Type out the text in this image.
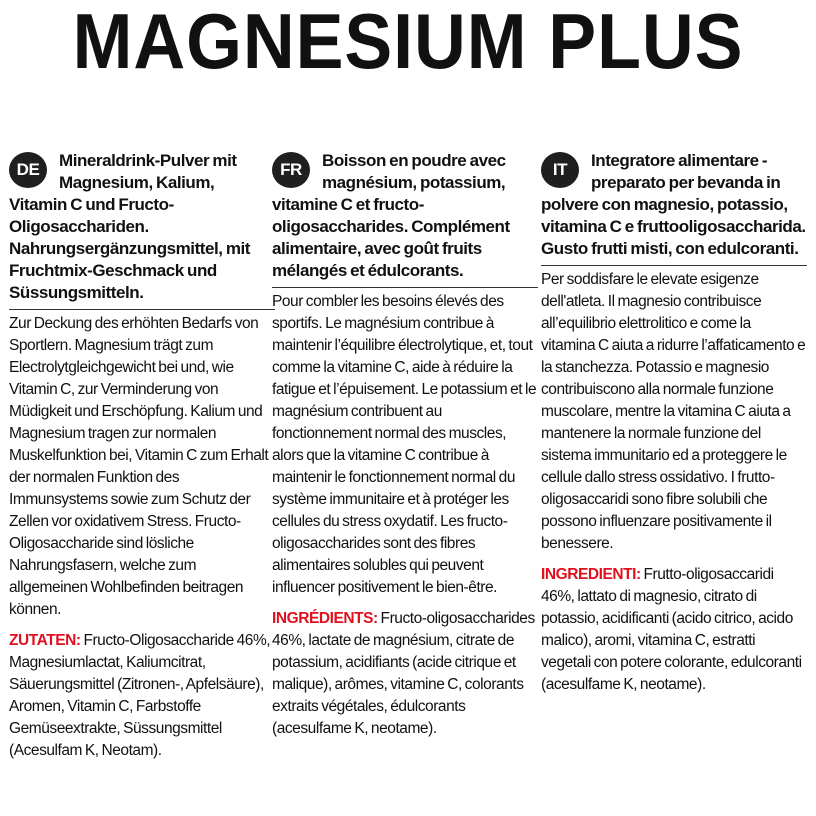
MAGNESIUM PLUS
DE	Mineraldrink-Pulver mit Magnesium, Kalium, Vitamin C und Fructo-Oligosacchariden. Nahrungsergänzungsmittel, mit Fruchtmix-Geschmack und Süssungsmitteln.

Zur Deckung des erhöhten Bedarfs von Sportlern. Magnesium trägt zum Electrolytgleichgewicht bei und, wie Vitamin C, zur Verminderung von Müdigkeit und Erschöpfung. Kalium und Magnesium tragen zur normalen Muskelfunktion bei, Vitamin C zum Erhalt der normalen Funktion des Immunsystems sowie zum Schutz der Zellen vor oxidativem Stress. Fructo-Oligosaccharide sind lösliche Nahrungsfasern, welche zum allgemeinen Wohlbefinden beitragen können.

ZUTATEN: Fructo-Oligosaccharide 46%, Magnesiumlactat, Kaliumcitrat, Säuerungsmittel (Zitronen-, Apfelsäure), Aromen, Vitamin C, Farbstoffe Gemüseextrakte, Süssungsmittel (Acesulfam K, Neotam).

FR	Boisson en poudre avec magnésium, potassium, vitamine C et fructo-oligosaccharides. Complément alimentaire, avec goût fruits mélangés et édulcorants.

Pour combler les besoins élevés des sportifs. Le magnésium contribue à maintenir l’équilibre électrolytique, et, tout comme la vitamine C, aide à réduire la fatigue et l’épuisement. Le potassium et le magnésium contribuent au fonctionnement normal des muscles, alors que la vitamine C contribue à maintenir le fonctionnement normal du système immunitaire et à protéger les cellules du stress oxydatif. Les fructo-oligosaccharides sont des fibres alimentaires solubles qui peuvent influencer positivement le bien-être.

INGRÉDIENTS: Fructo-oligosaccharides 46%, lactate de magnésium, citrate de potassium, acidifiants (acide citrique et malique), arômes, vitamine C, colorants extraits végétales, édulcorants (acesulfame K, neotame).

IT	Integratore alimentare - preparato per bevanda in polvere con magnesio, potassio, vitamina C e fruttooligosaccharida. Gusto frutti misti, con edulcoranti.

Per soddisfare le elevate esigenze dell'atleta. Il magnesio contribuisce all’equilibrio elettrolitico e come la vitamina C aiuta a ridurre l’affaticamento e la stanchezza. Potassio e magnesio contribuiscono alla normale funzione muscolare, mentre la vitamina C aiuta a mantenere la normale funzione del sistema immunitario ed a proteggere le cellule dallo stress ossidativo. I frutto-oligosaccaridi sono fibre solubili che possono influenzare positivamente il benessere.

INGREDIENTI: Frutto-oligosaccaridi 46%, lattato di magnesio, citrato di potassio, acidificanti (acido citrico, acido malico), aromi, vitamina C, estratti vegetali con potere colorante, edulcoranti (acesulfame K, neotame).
